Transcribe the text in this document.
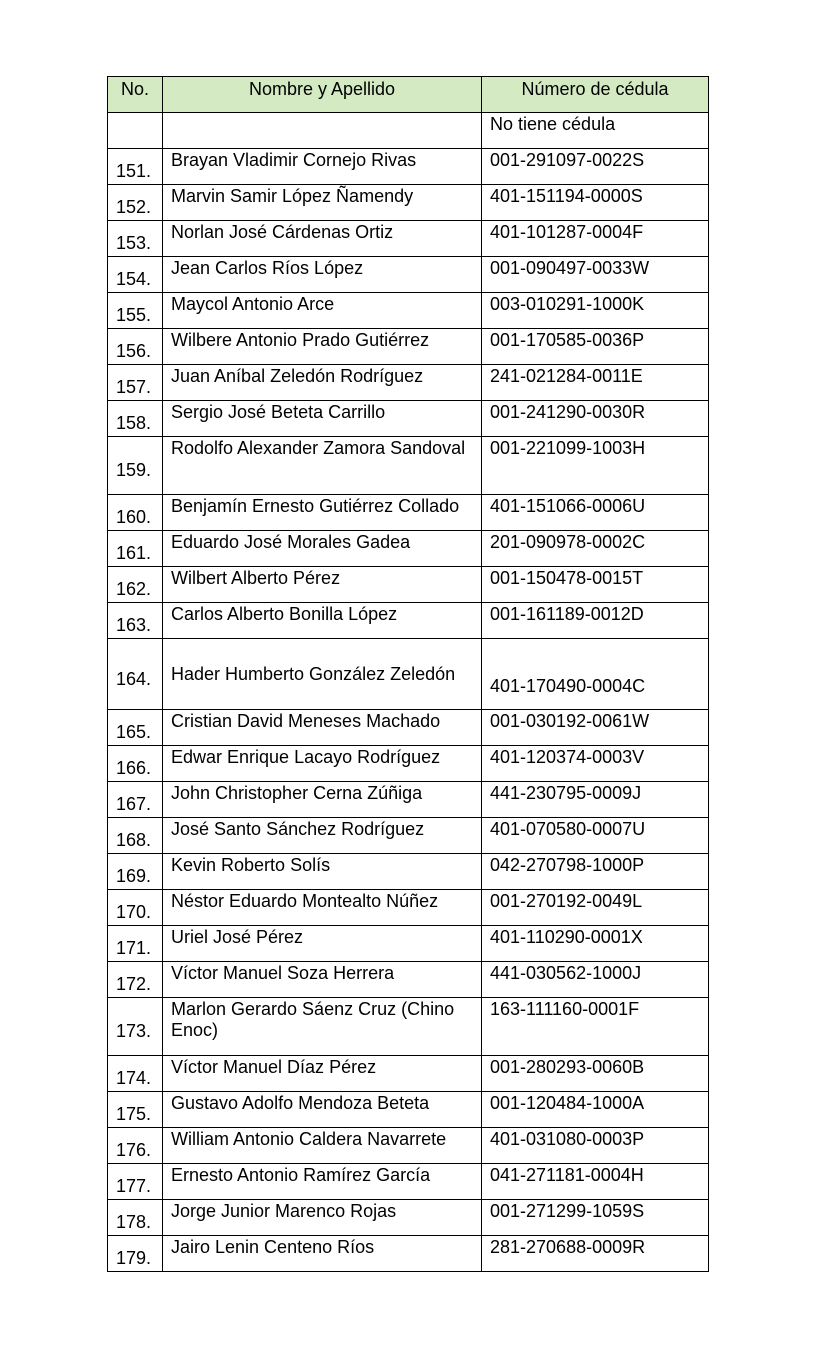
No.	Nombre y Apellido	Número de cédula
		No tiene cédula
151.	Brayan Vladimir Cornejo Rivas	001-291097-0022S
152.	Marvin Samir López Ñamendy	401-151194-0000S
153.	Norlan José Cárdenas Ortiz	401-101287-0004F
154.	Jean Carlos Ríos López	001-090497-0033W
155.	Maycol Antonio Arce	003-010291-1000K
156.	Wilbere Antonio Prado Gutiérrez	001-170585-0036P
157.	Juan Aníbal Zeledón Rodríguez	241-021284-0011E
158.	Sergio José Beteta Carrillo	001-241290-0030R
159.	Rodolfo Alexander Zamora Sandoval	001-221099-1003H
160.	Benjamín Ernesto Gutiérrez Collado	401-151066-0006U
161.	Eduardo José Morales Gadea	201-090978-0002C
162.	Wilbert Alberto Pérez	001-150478-0015T
163.	Carlos Alberto Bonilla López	001-161189-0012D
164.	Hader Humberto González Zeledón	401-170490-0004C
165.	Cristian David Meneses Machado	001-030192-0061W
166.	Edwar Enrique Lacayo Rodríguez	401-120374-0003V
167.	John Christopher Cerna Zúñiga	441-230795-0009J
168.	José Santo Sánchez Rodríguez	401-070580-0007U
169.	Kevin Roberto Solís	042-270798-1000P
170.	Néstor Eduardo Montealto Núñez	001-270192-0049L
171.	Uriel José Pérez	401-110290-0001X
172.	Víctor Manuel Soza Herrera	441-030562-1000J
173.	Marlon Gerardo Sáenz Cruz (Chino Enoc)	163-111160-0001F
174.	Víctor Manuel Díaz Pérez	001-280293-0060B
175.	Gustavo Adolfo Mendoza Beteta	001-120484-1000A
176.	William Antonio Caldera Navarrete	401-031080-0003P
177.	Ernesto Antonio Ramírez García	041-271181-0004H
178.	Jorge Junior Marenco Rojas	001-271299-1059S
179.	Jairo Lenin Centeno Ríos	281-270688-0009R
